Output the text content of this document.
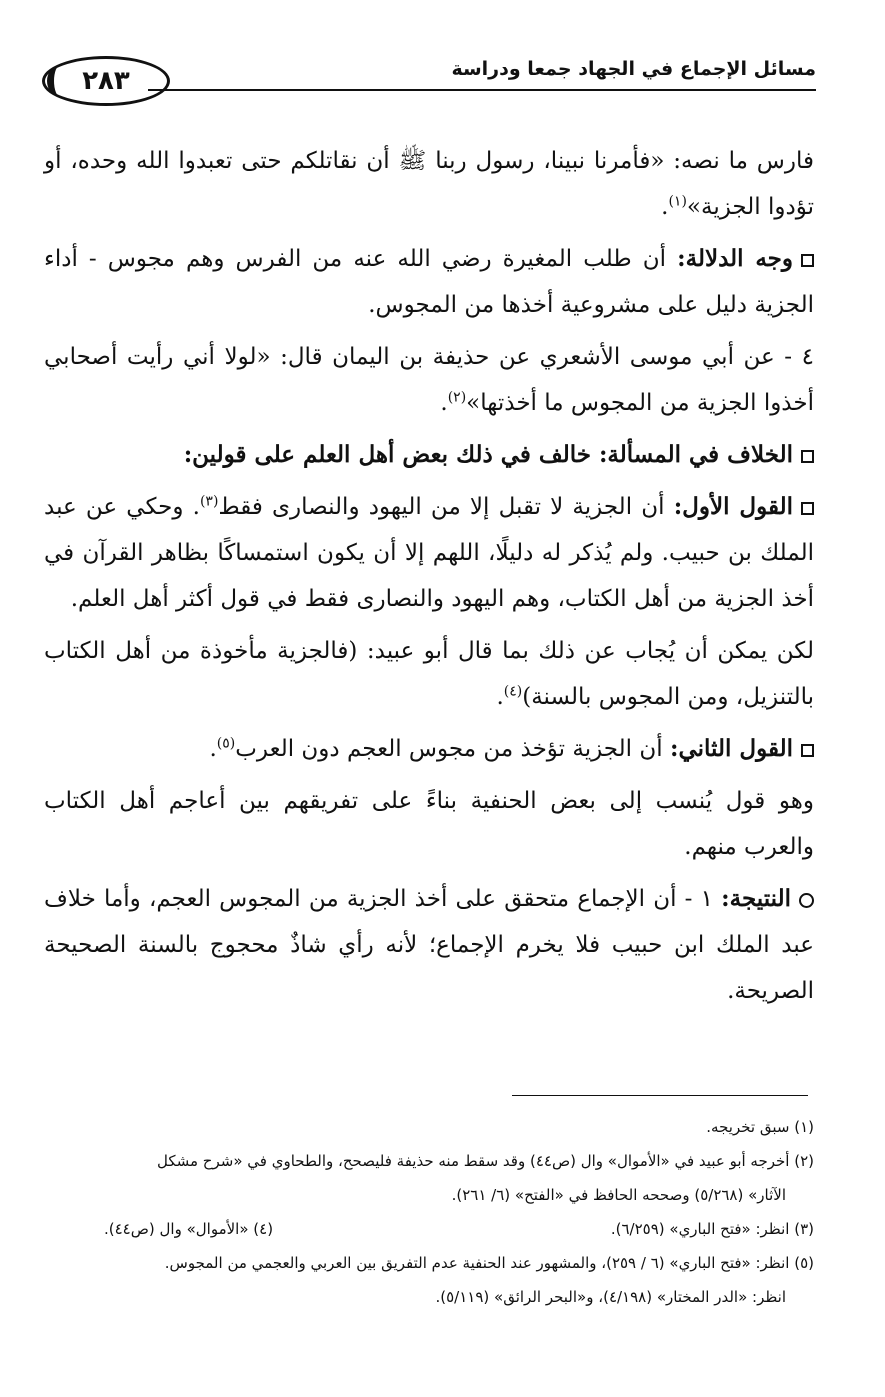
مسائل الإجماع في الجهاد جمعا ودراسة
٢٨٣

فارس ما نصه: «فأمرنا نبينا، رسول ربنا ﷺ أن نقاتلكم حتى تعبدوا الله وحده، أو تؤدوا الجزية»$^{(١)}$.

وجه الدلالة: أن طلب المغيرة رضي الله عنه من الفرس وهم مجوس - أداء الجزية دليل على مشروعية أخذها من المجوس.

٤ - عن أبي موسى الأشعري عن حذيفة بن اليمان قال: «لولا أني رأيت أصحابي أخذوا الجزية من المجوس ما أخذتها»$^{(٢)}$.

الخلاف في المسألة: خالف في ذلك بعض أهل العلم على قولين:

القول الأول: أن الجزية لا تقبل إلا من اليهود والنصارى فقط$^{(٣)}$. وحكي عن عبد الملك بن حبيب. ولم يُذكر له دليلًا، اللهم إلا أن يكون استمساكًا بظاهر القرآن في أخذ الجزية من أهل الكتاب، وهم اليهود والنصارى فقط في قول أكثر أهل العلم.

لكن يمكن أن يُجاب عن ذلك بما قال أبو عبيد: (فالجزية مأخوذة من أهل الكتاب بالتنزيل، ومن المجوس بالسنة)$^{(٤)}$.

القول الثاني: أن الجزية تؤخذ من مجوس العجم دون العرب$^{(٥)}$.

وهو قول يُنسب إلى بعض الحنفية بناءً على تفريقهم بين أعاجم أهل الكتاب والعرب منهم.

النتيجة: ١ - أن الإجماع متحقق على أخذ الجزية من المجوس العجم، وأما خلاف عبد الملك ابن حبيب فلا يخرم الإجماع؛ لأنه رأي شاذٌ محجوج بالسنة الصحيحة الصريحة.

(١) سبق تخريجه.
(٢) أخرجه أبو عبيد في «الأموال» وال (ص٤٤) وقد سقط منه حذيفة فليصحح، والطحاوي في «شرح مشكل
الآثار» (٥/٢٦٨) وصححه الحافظ في «الفتح» (٦/ ٢٦١).
(٣) انظر: «فتح الباري» (٦/٢٥٩).
(٤) «الأموال» وال (ص٤٤).
(٥) انظر: «فتح الباري» (٦ / ٢٥٩)، والمشهور عند الحنفية عدم التفريق بين العربي والعجمي من المجوس.
انظر: «الدر المختار» (٤/١٩٨)، و«البحر الرائق» (٥/١١٩).
